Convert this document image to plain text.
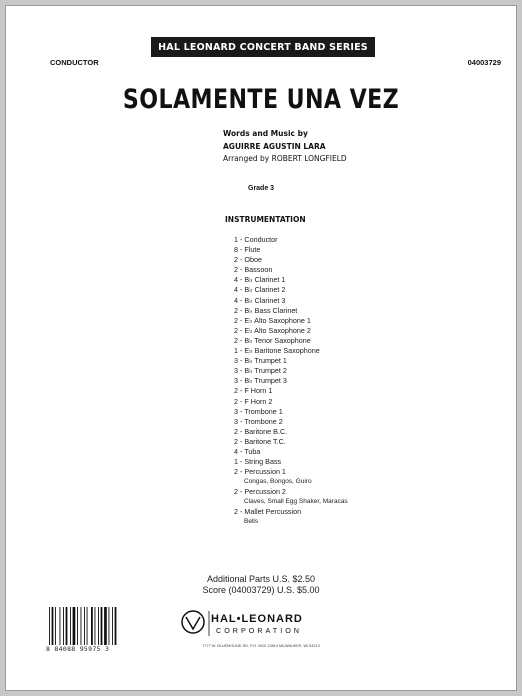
HAL LEONARD CONCERT BAND SERIES
CONDUCTOR	04003729
SOLAMENTE UNA VEZ
Words and Music by
AGUIRRE AGUSTIN LARA
Arranged by ROBERT LONGFIELD
Grade 3
INSTRUMENTATION
1 - Conductor
8 - Flute
2 - Oboe
2 - Bassoon
4 - B♭ Clarinet 1
4 - B♭ Clarinet 2
4 - B♭ Clarinet 3
2 - B♭ Bass Clarinet
2 - E♭ Alto Saxophone 1
2 - E♭ Alto Saxophone 2
2 - B♭ Tenor Saxophone
1 - E♭ Baritone Saxophone
3 - B♭ Trumpet 1
3 - B♭ Trumpet 2
3 - B♭ Trumpet 3
2 - F Horn 1
2 - F Horn 2
3 - Trombone 1
3 - Trombone 2
2 - Baritone B.C.
2 - Baritone T.C.
4 - Tuba
1 - String Bass
2 - Percussion 1
Congas, Bongos, Guiro
2 - Percussion 2
Claves, Small Egg Shaker, Maracas
2 - Mallet Percussion
Bells
Additional Parts U.S. $2.50
Score (04003729) U.S. $5.00
8 84088 95975 3
HAL•LEONARD
CORPORATION
7777 W. BLUEMOUND RD. P.O. BOX 13819 MILWAUKEE, WI 53213
